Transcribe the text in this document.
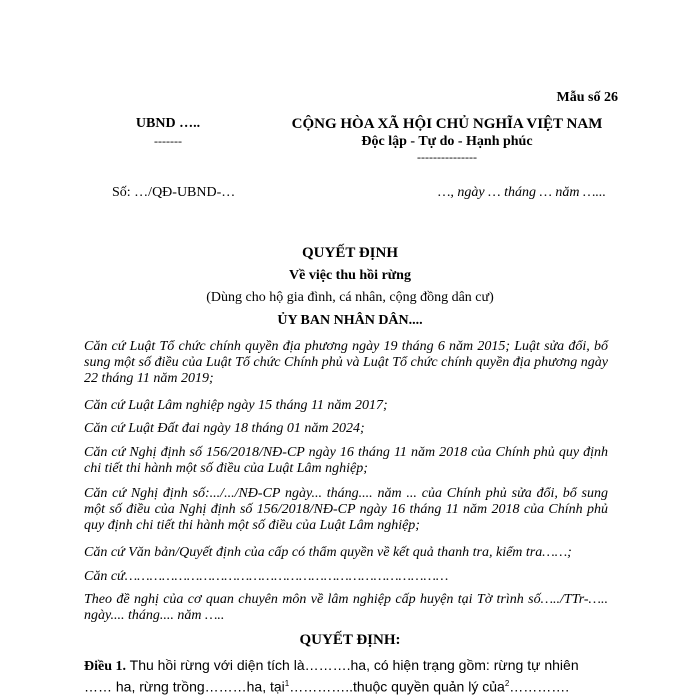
Mẫu số 26
UBND …..
-------
CỘNG HÒA XÃ HỘI CHỦ NGHĨA VIỆT NAM
Độc lập - Tự do - Hạnh phúc
---------------
Số: …/QĐ-UBND-…	…, ngày … tháng … năm …...
QUYẾT ĐỊNH
Về việc thu hồi rừng
(Dùng cho hộ gia đình, cá nhân, cộng đồng dân cư)
ỦY BAN NHÂN DÂN....
Căn cứ Luật Tổ chức chính quyền địa phương ngày 19 tháng 6 năm 2015; Luật sửa đổi, bổ sung một số điều của Luật Tổ chức Chính phủ và Luật Tổ chức chính quyền địa phương ngày 22 tháng 11 năm 2019;
Căn cứ Luật Lâm nghiệp ngày 15 tháng 11 năm 2017;
Căn cứ Luật Đất đai ngày 18 tháng 01 năm 2024;
Căn cứ Nghị định số 156/2018/NĐ-CP ngày 16 tháng 11 năm 2018 của Chính phủ quy định chi tiết thi hành một số điều của Luật Lâm nghiệp;
Căn cứ Nghị định số:.../.../NĐ-CP ngày... tháng.... năm ... của Chính phủ sửa đổi, bổ sung một số điều của Nghị định số 156/2018/NĐ-CP ngày 16 tháng 11 năm 2018 của Chính phủ quy định chi tiết thi hành một số điều của Luật Lâm nghiệp;
Căn cứ Văn bản/Quyết định của cấp có thẩm quyền về kết quả thanh tra, kiểm tra……;
Căn cứ……………………………………………………………………
Theo đề nghị của cơ quan chuyên môn về lâm nghiệp cấp huyện tại Tờ trình số…../TTr-….. ngày.... tháng.... năm …..
QUYẾT ĐỊNH:
Điều 1. Thu hồi rừng với diện tích là……….ha, có hiện trạng gồm: rừng tự nhiên …… ha, rừng trồng………ha, tại$^1$…………..thuộc quyền quản lý của$^2$………….
